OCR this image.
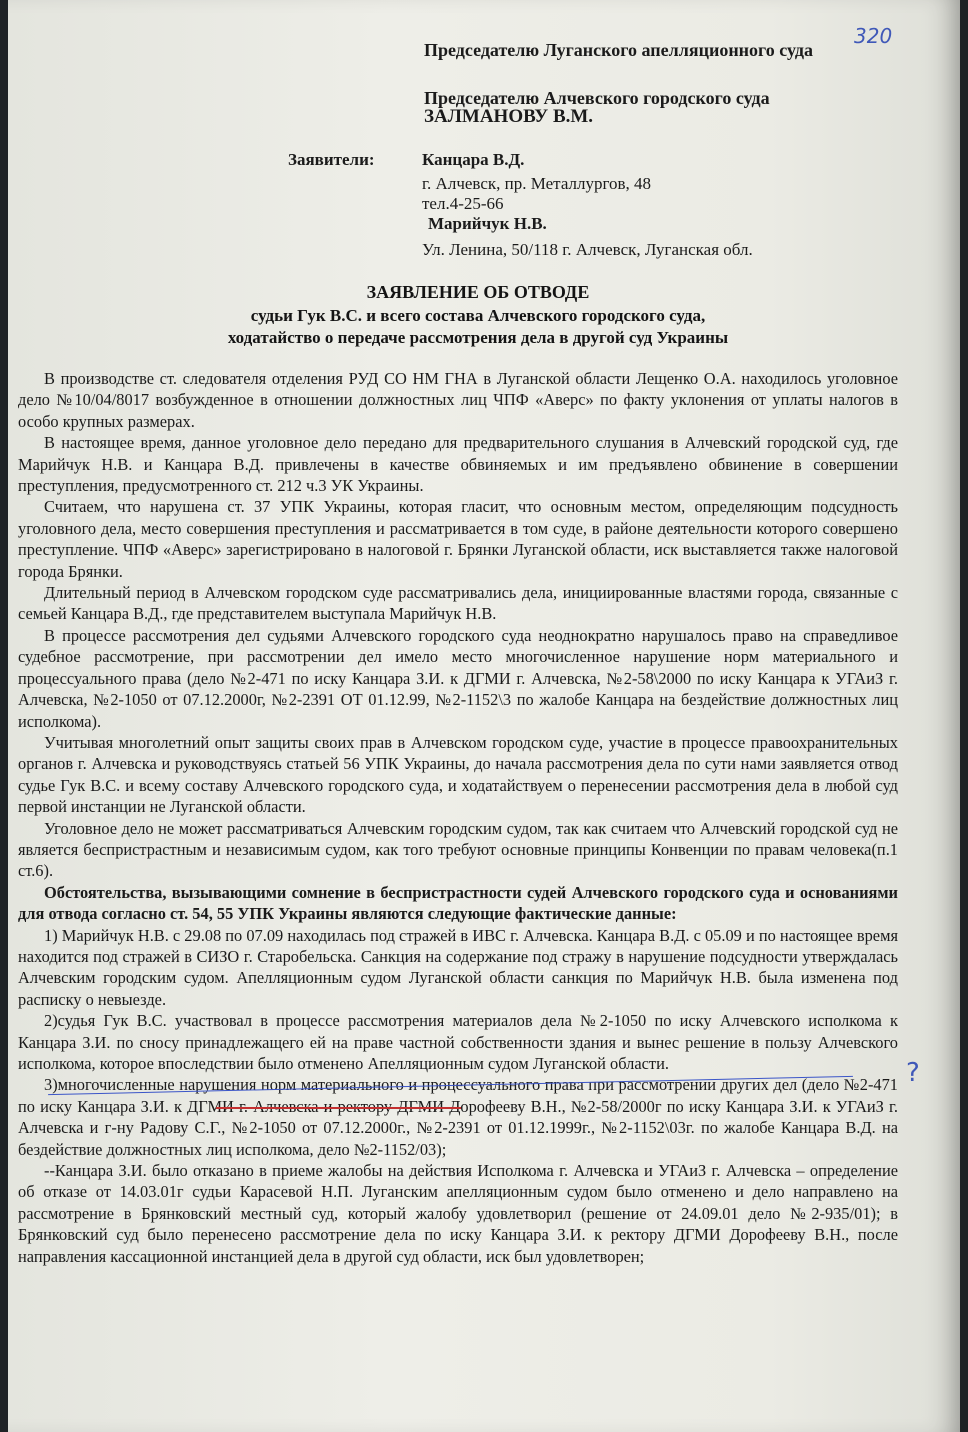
320
Председателю Луганского апелляционного суда
Председателю Алчевского городского суда
ЗАЛМАНОВУ В.М.
Заявители:	Канцара В.Д.
г. Алчевск, пр. Металлургов, 48
тел.4-25-66
Марийчук Н.В.
Ул. Ленина, 50/118 г. Алчевск, Луганская обл.
ЗАЯВЛЕНИЕ ОБ ОТВОДЕ
судьи Гук В.С. и всего состава Алчевского городского суда,
ходатайство о передаче рассмотрения дела в другой суд Украины

В производстве ст. следователя отделения РУД СО НМ ГНА в Луганской области Лещенко О.А. находилось уголовное дело №10/04/8017 возбужденное в отношении должностных лиц ЧПФ «Аверс» по факту уклонения от уплаты налогов в особо крупных размерах.

В настоящее время, данное уголовное дело передано для предварительного слушания в Алчевский городской суд, где Марийчук Н.В. и Канцара В.Д. привлечены в качестве обвиняемых и им предъявлено обвинение в совершении преступления, предусмотренного ст. 212 ч.3 УК Украины.

Считаем, что нарушена ст. 37 УПК Украины, которая гласит, что основным местом, определяющим подсудность уголовного дела, место совершения преступления и рассматривается в том суде, в районе деятельности которого совершено преступление. ЧПФ «Аверс» зарегистрировано в налоговой г. Брянки Луганской области, иск выставляется также налоговой города Брянки.

Длительный период в Алчевском городском суде рассматривались дела, инициированные властями города, связанные с семьей Канцара В.Д., где представителем выступала Марийчук Н.В.

В процессе рассмотрения дел судьями Алчевского городского суда неоднократно нарушалось право на справедливое судебное рассмотрение, при рассмотрении дел имело место многочисленное нарушение норм материального и процессуального права (дело №2-471 по иску Канцара З.И. к ДГМИ г. Алчевска, №2-58\2000 по иску Канцара к УГАиЗ г. Алчевска, №2-1050 от 07.12.2000г, №2-2391 ОТ 01.12.99, №2-1152\3 по жалобе Канцара на бездействие должностных лиц исполкома).

Учитывая многолетний опыт защиты своих прав в Алчевском городском суде, участие в процессе правоохранительных органов г. Алчевска и руководствуясь статьей 56 УПК Украины, до начала рассмотрения дела по сути нами заявляется отвод судье Гук В.С. и всему составу Алчевского городского суда, и ходатайствуем о перенесении рассмотрения дела в любой суд первой инстанции не Луганской области.

Уголовное дело не может рассматриваться Алчевским городским судом, так как считаем что Алчевский городской суд не является беспристрастным и независимым судом, как того требуют основные принципы Конвенции по правам человека(п.1 ст.6).

Обстоятельства, вызывающими сомнение в беспристрастности судей Алчевского городского суда и основаниями для отвода согласно ст. 54, 55 УПК Украины являются следующие фактические данные:

1) Марийчук Н.В. с 29.08 по 07.09 находилась под стражей в ИВС г. Алчевска. Канцара В.Д. с 05.09 и по настоящее время находится под стражей в СИЗО г. Старобельска. Санкция на содержание под стражу в нарушение подсудности утверждалась Алчевским городским судом. Апелляционным судом Луганской области санкция по Марийчук Н.В. была изменена под расписку о невыезде.

2)судья Гук В.С. участвовал в процессе рассмотрения материалов дела №2-1050 по иску Алчевского исполкома к Канцара З.И. по сносу принадлежащего ей на праве частной собственности здания и вынес решение в пользу Алчевского исполкома, которое впоследствии было отменено Апелляционным судом Луганской области.

3)многочисленные нарушения норм материального и процессуального права при рассмотрении других дел (дело №2-471 по иску Канцара З.И. к ДГМИ г. Алчевска и ректору ДГМИ Дорофееву В.Н., №2-58/2000г по иску Канцара З.И. к УГАиЗ г. Алчевска и г-ну Радову С.Г., №2-1050 от 07.12.2000г., №2-2391 от 01.12.1999г., №2-1152\03г. по жалобе Канцара В.Д. на бездействие должностных лиц исполкома, дело №2-1152/03);

--Канцара З.И. было отказано в приеме жалобы на действия Исполкома г. Алчевска и УГАиЗ г. Алчевска – определение об отказе от 14.03.01г судьи Карасевой Н.П. Луганским апелляционным судом было отменено и дело направлено на рассмотрение в Брянковский местный суд, который жалобу удовлетворил (решение от 24.09.01 дело №2-935/01); в Брянковский суд было перенесено рассмотрение дела по иску Канцара З.И. к ректору ДГМИ Дорофееву В.Н., после направления кассационной инстанцией дела в другой суд области, иск был удовлетворен;

?
